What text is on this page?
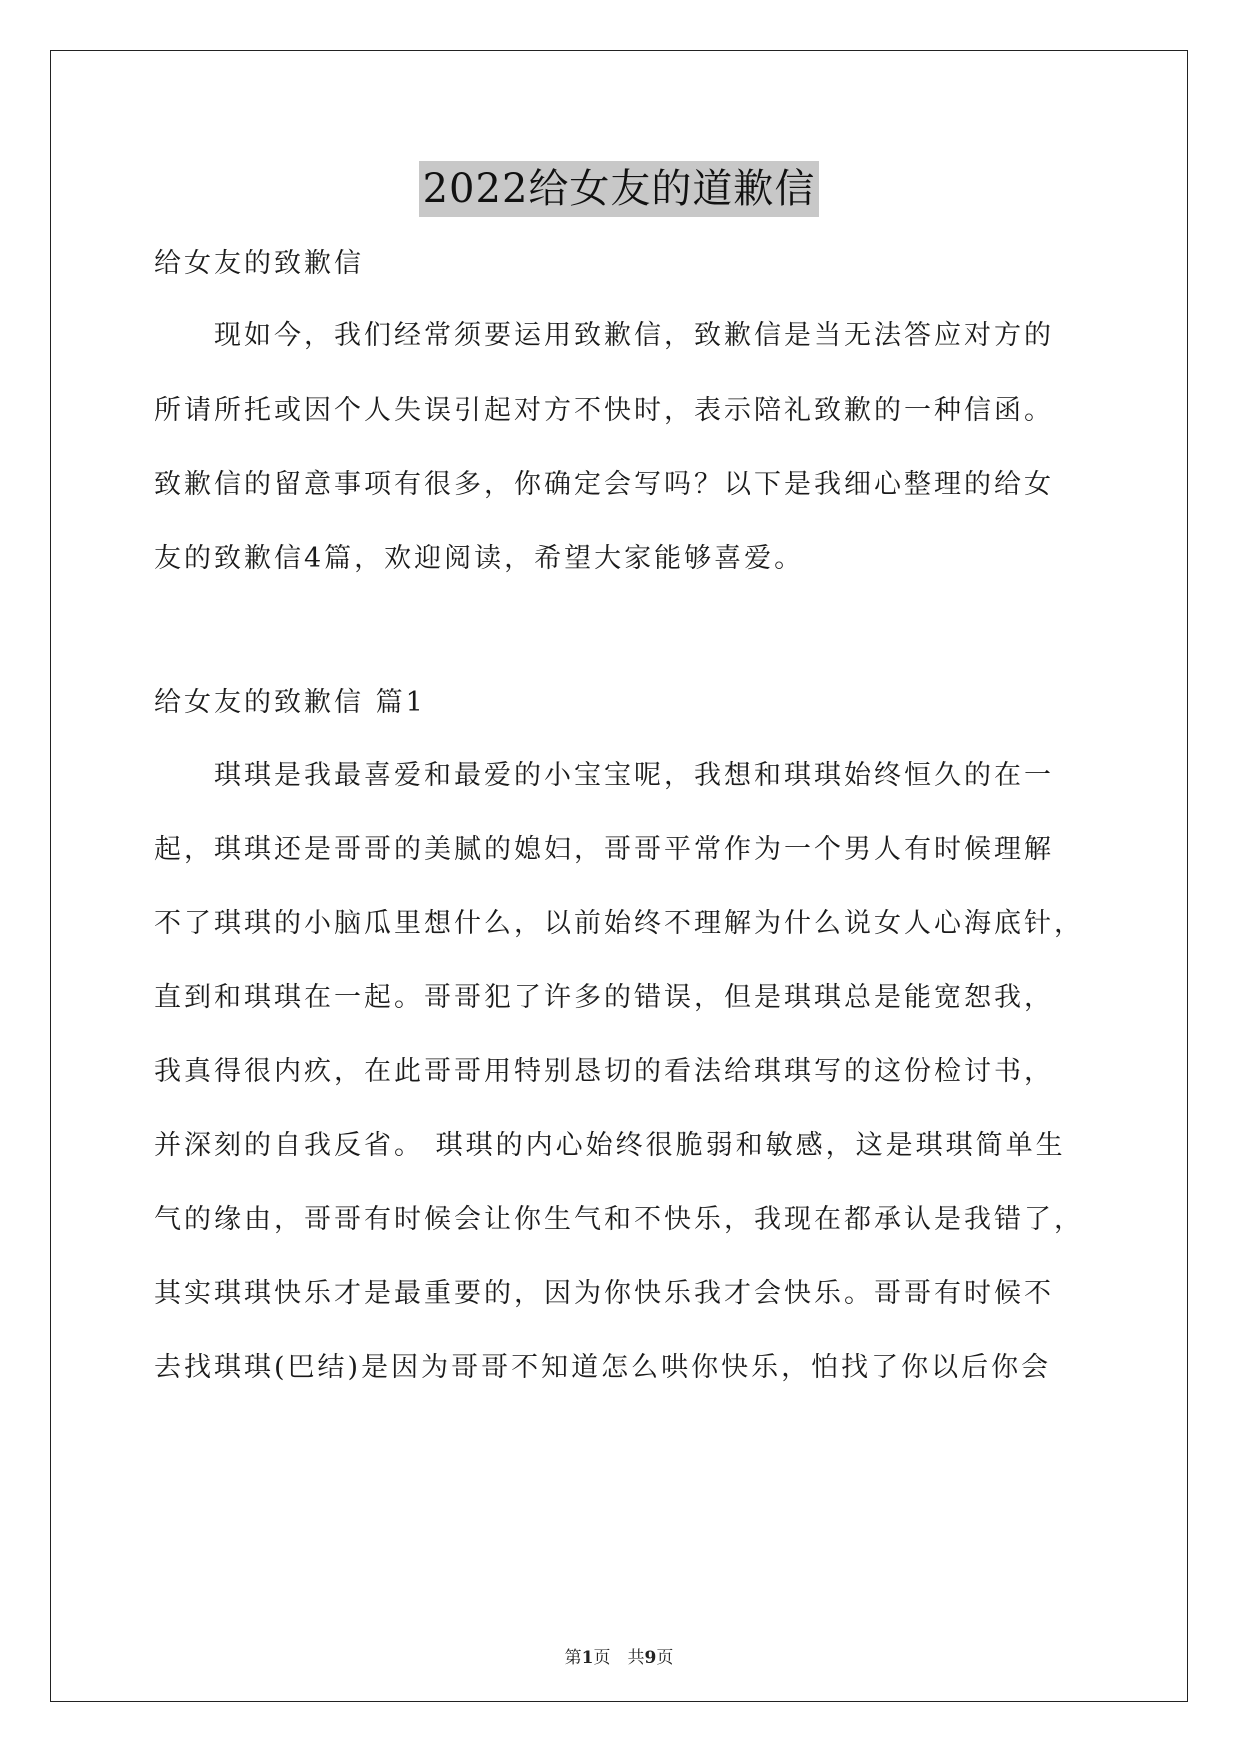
2022给女友的道歉信
给女友的致歉信
　　现如今，我们经常须要运用致歉信，致歉信是当无法答应对方的
所请所托或因个人失误引起对方不快时，表示陪礼致歉的一种信函。
致歉信的留意事项有很多，你确定会写吗？以下是我细心整理的给女
友的致歉信4篇，欢迎阅读，希望大家能够喜爱。
给女友的致歉信 篇1
　　琪琪是我最喜爱和最爱的小宝宝呢，我想和琪琪始终恒久的在一
起，琪琪还是哥哥的美腻的媳妇，哥哥平常作为一个男人有时候理解
不了琪琪的小脑瓜里想什么，以前始终不理解为什么说女人心海底针，
直到和琪琪在一起。哥哥犯了许多的错误，但是琪琪总是能宽恕我，
我真得很内疚，在此哥哥用特别恳切的看法给琪琪写的这份检讨书，
并深刻的自我反省。 琪琪的内心始终很脆弱和敏感，这是琪琪简单生
气的缘由，哥哥有时候会让你生气和不快乐，我现在都承认是我错了，
其实琪琪快乐才是最重要的，因为你快乐我才会快乐。哥哥有时候不
去找琪琪(巴结)是因为哥哥不知道怎么哄你快乐，怕找了你以后你会
第1页　共9页
